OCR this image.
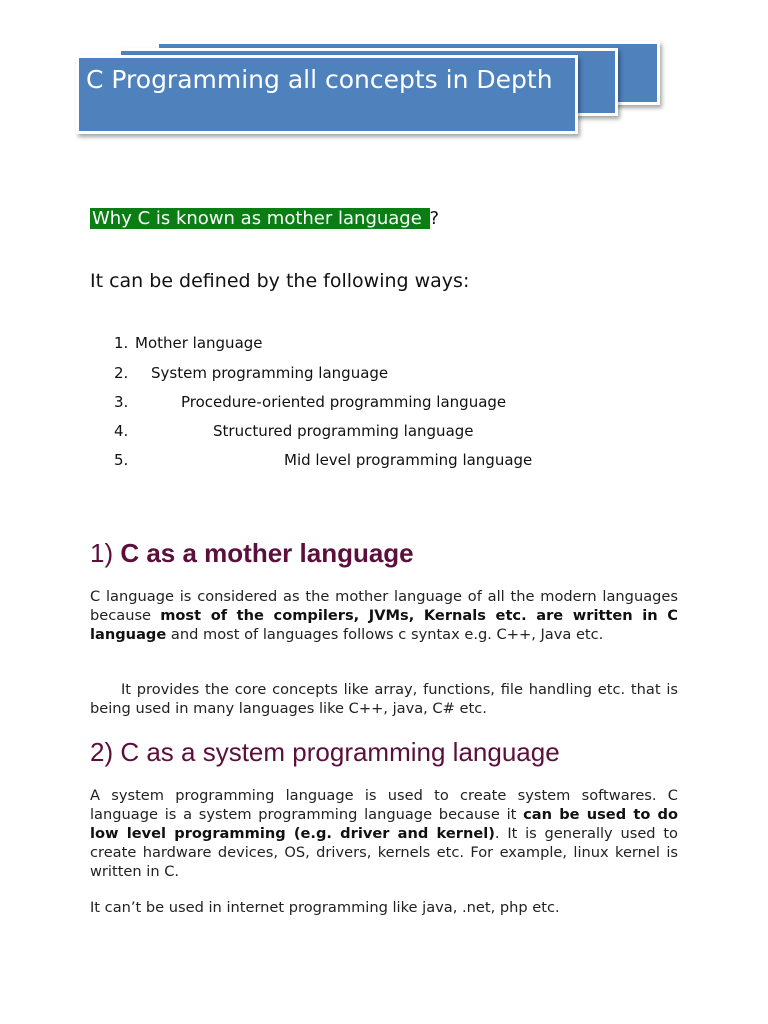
C Programming all concepts in Depth
Why C is known as mother language ?
It can be defined by the following ways:
1. Mother language
2. System programming language
3.	Procedure-oriented programming language
4.	Structured programming language
5.	Mid level programming language
1) C as a mother language
C language is considered as the mother language of all the modern languages because most of the compilers, JVMs, Kernals etc. are written in C language and most of languages follows c syntax e.g. C++, Java etc.
It provides the core concepts like array, functions, file handling etc. that is being used in many languages like C++, java, C# etc.
2) C as a system programming language
A system programming language is used to create system softwares. C language is a system programming language because it can be used to do low level programming (e.g. driver and kernel). It is generally used to create hardware devices, OS, drivers, kernels etc. For example, linux kernel is written in C.
It can’t be used in internet programming like java, .net, php etc.
